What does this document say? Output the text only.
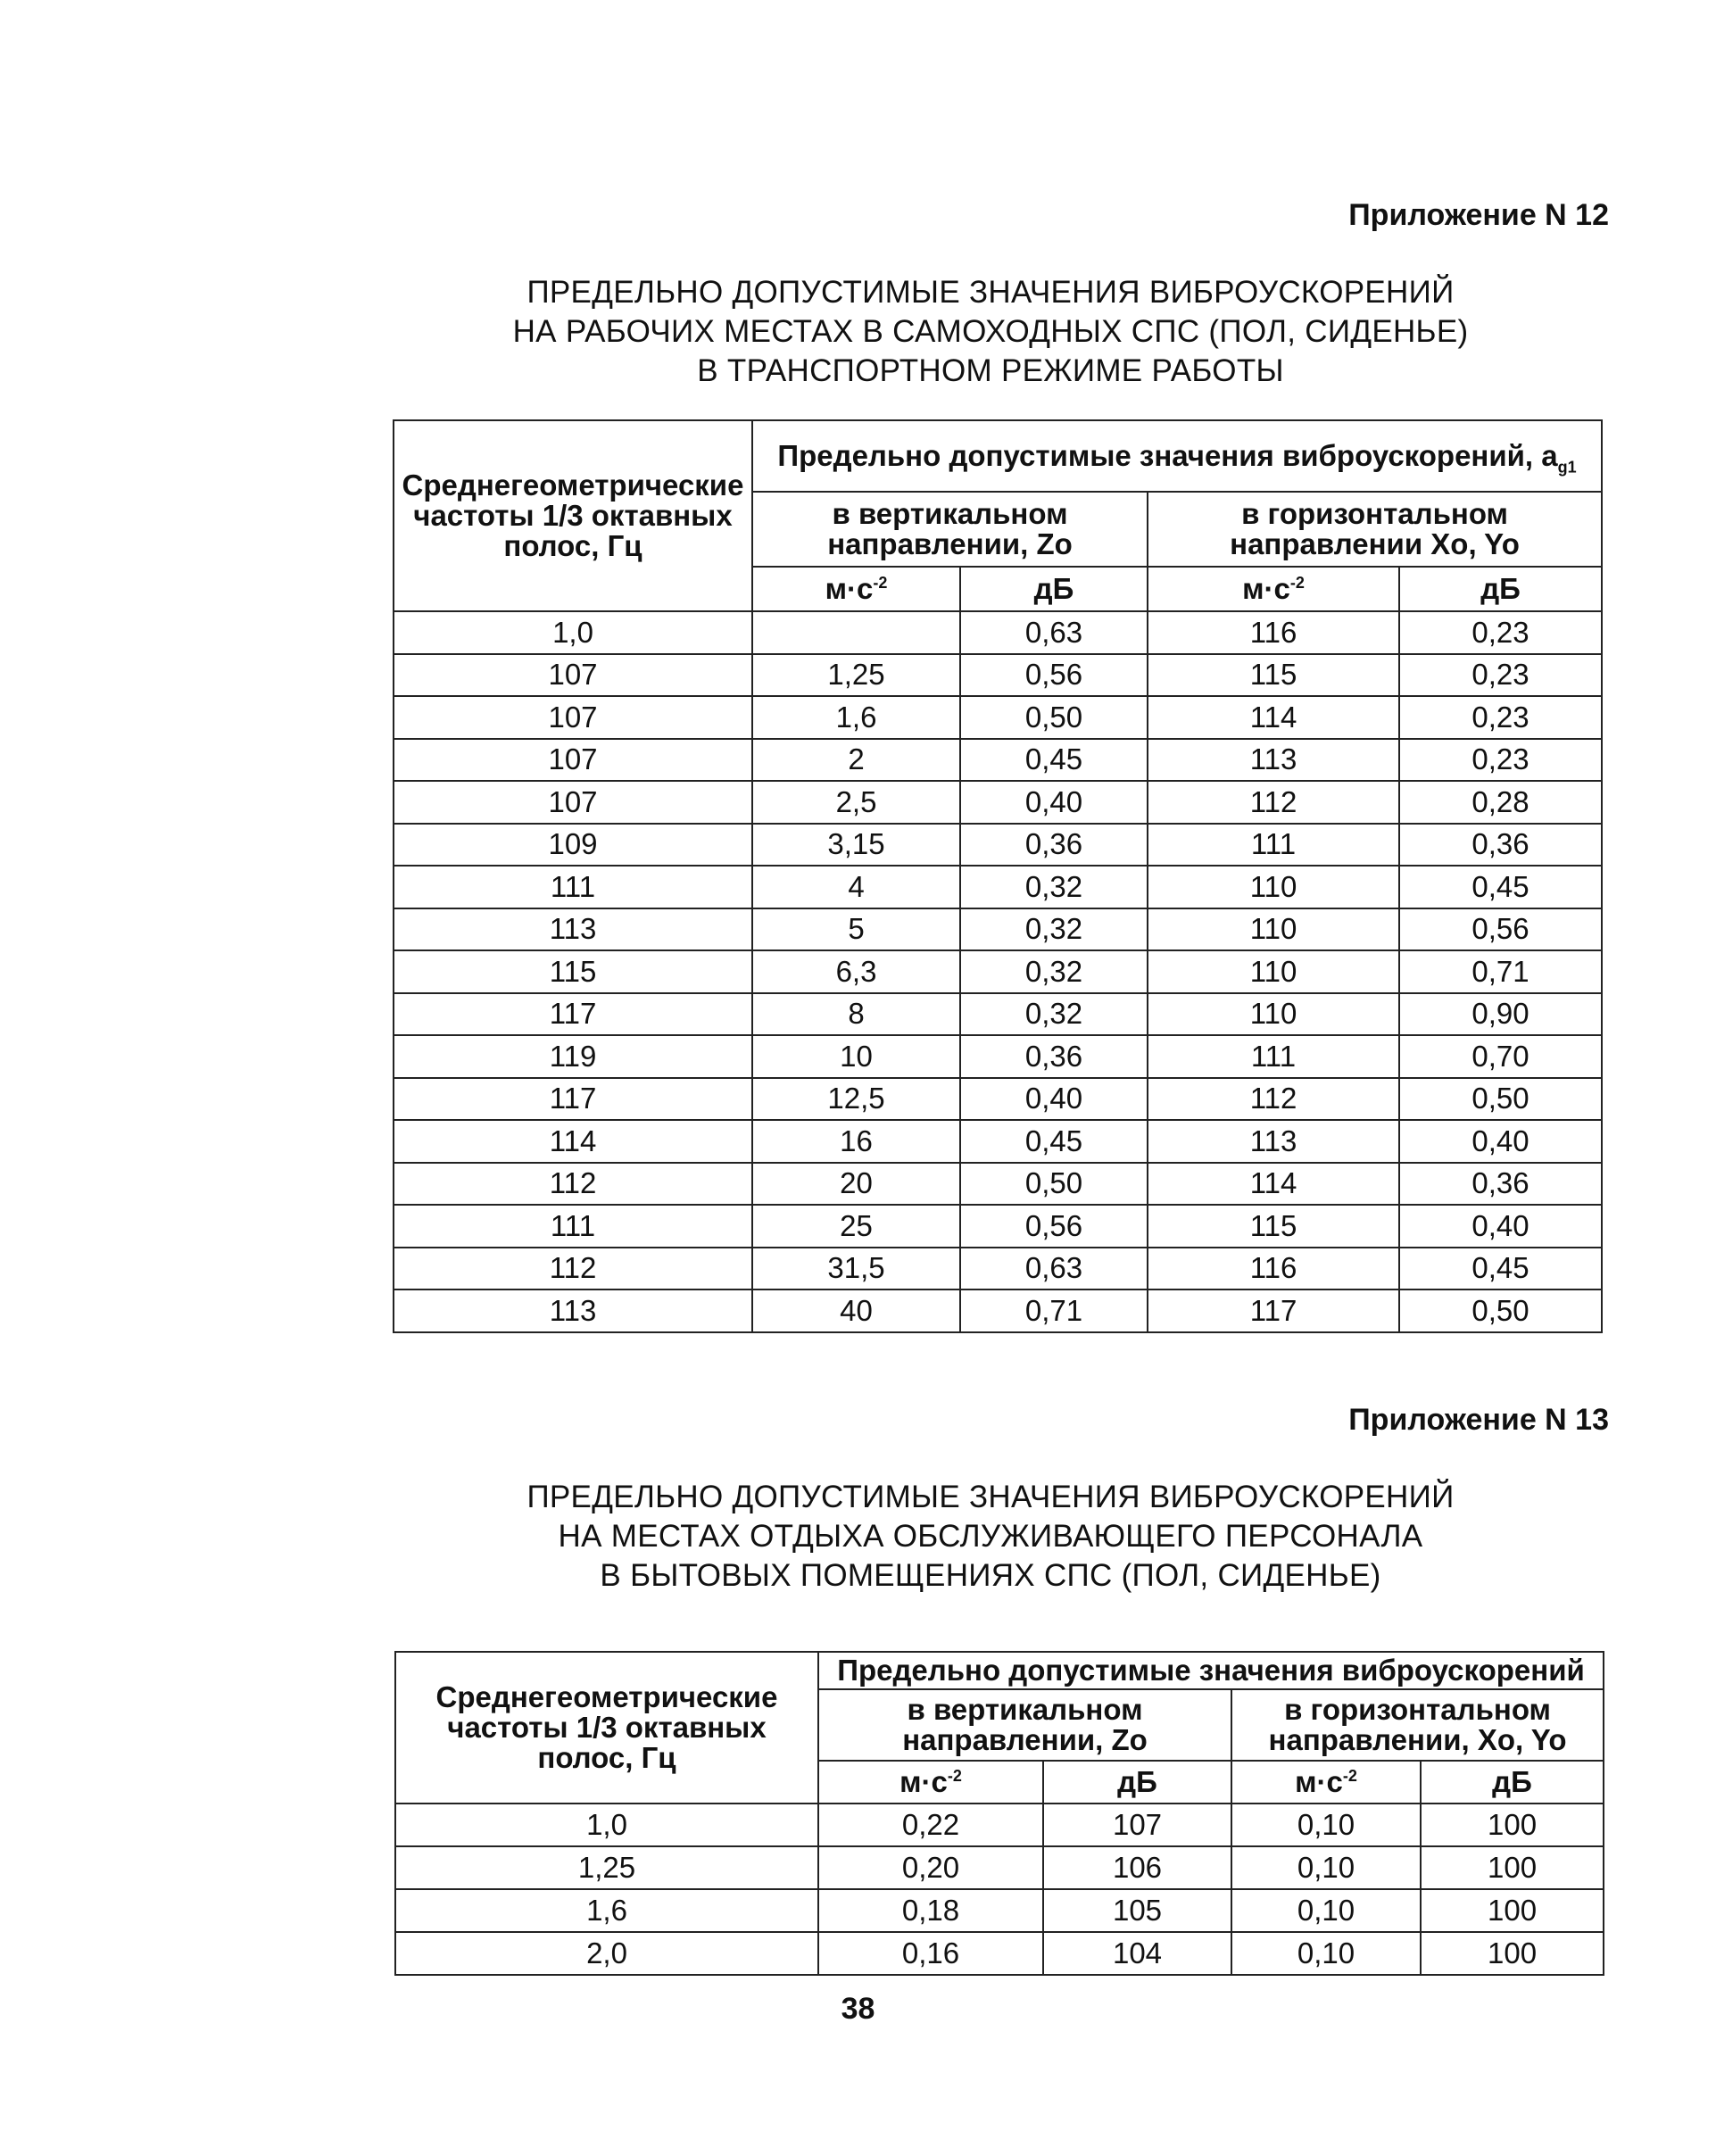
Приложение N 12
ПРЕДЕЛЬНО ДОПУСТИМЫЕ ЗНАЧЕНИЯ ВИБРОУСКОРЕНИЙ
НА РАБОЧИХ МЕСТАХ В САМОХОДНЫХ СПС (ПОЛ, СИДЕНЬЕ)
В ТРАНСПОРТНОМ РЕЖИМЕ РАБОТЫ
Среднегеометрические частоты 1/3 октавных полос, Гц	Предельно допустимые значения виброускорений, $a_{g1}$
	в вертикальном направлении, Zo		в горизонтальном направлении Xo, Yo	
	$м\cdot с^{-2}$	дБ	$м\cdot с^{-2}$	дБ
1,0		0,63	116	0,23
107	1,25	0,56	115	0,23
107	1,6	0,50	114	0,23
107	2	0,45	113	0,23
107	2,5	0,40	112	0,28
109	3,15	0,36	111	0,36
111	4	0,32	110	0,45
113	5	0,32	110	0,56
115	6,3	0,32	110	0,71
117	8	0,32	110	0,90
119	10	0,36	111	0,70
117	12,5	0,40	112	0,50
114	16	0,45	113	0,40
112	20	0,50	114	0,36
111	25	0,56	115	0,40
112	31,5	0,63	116	0,45
113	40	0,71	117	0,50
Приложение N 13
ПРЕДЕЛЬНО ДОПУСТИМЫЕ ЗНАЧЕНИЯ ВИБРОУСКОРЕНИЙ
НА МЕСТАХ ОТДЫХА ОБСЛУЖИВАЮЩЕГО ПЕРСОНАЛА
В БЫТОВЫХ ПОМЕЩЕНИЯХ СПС (ПОЛ, СИДЕНЬЕ)
Среднегеометрические частоты 1/3 октавных полос, Гц	Предельно допустимые значения виброускорений			
	в вертикальном направлении, Zo		в горизонтальном направлении, Xo, Yo	
	$м\cdot с^{-2}$	дБ	$м\cdot с^{-2}$	дБ
1,0	0,22	107	0,10	100
1,25	0,20	106	0,10	100
1,6	0,18	105	0,10	100
2,0	0,16	104	0,10	100
38
